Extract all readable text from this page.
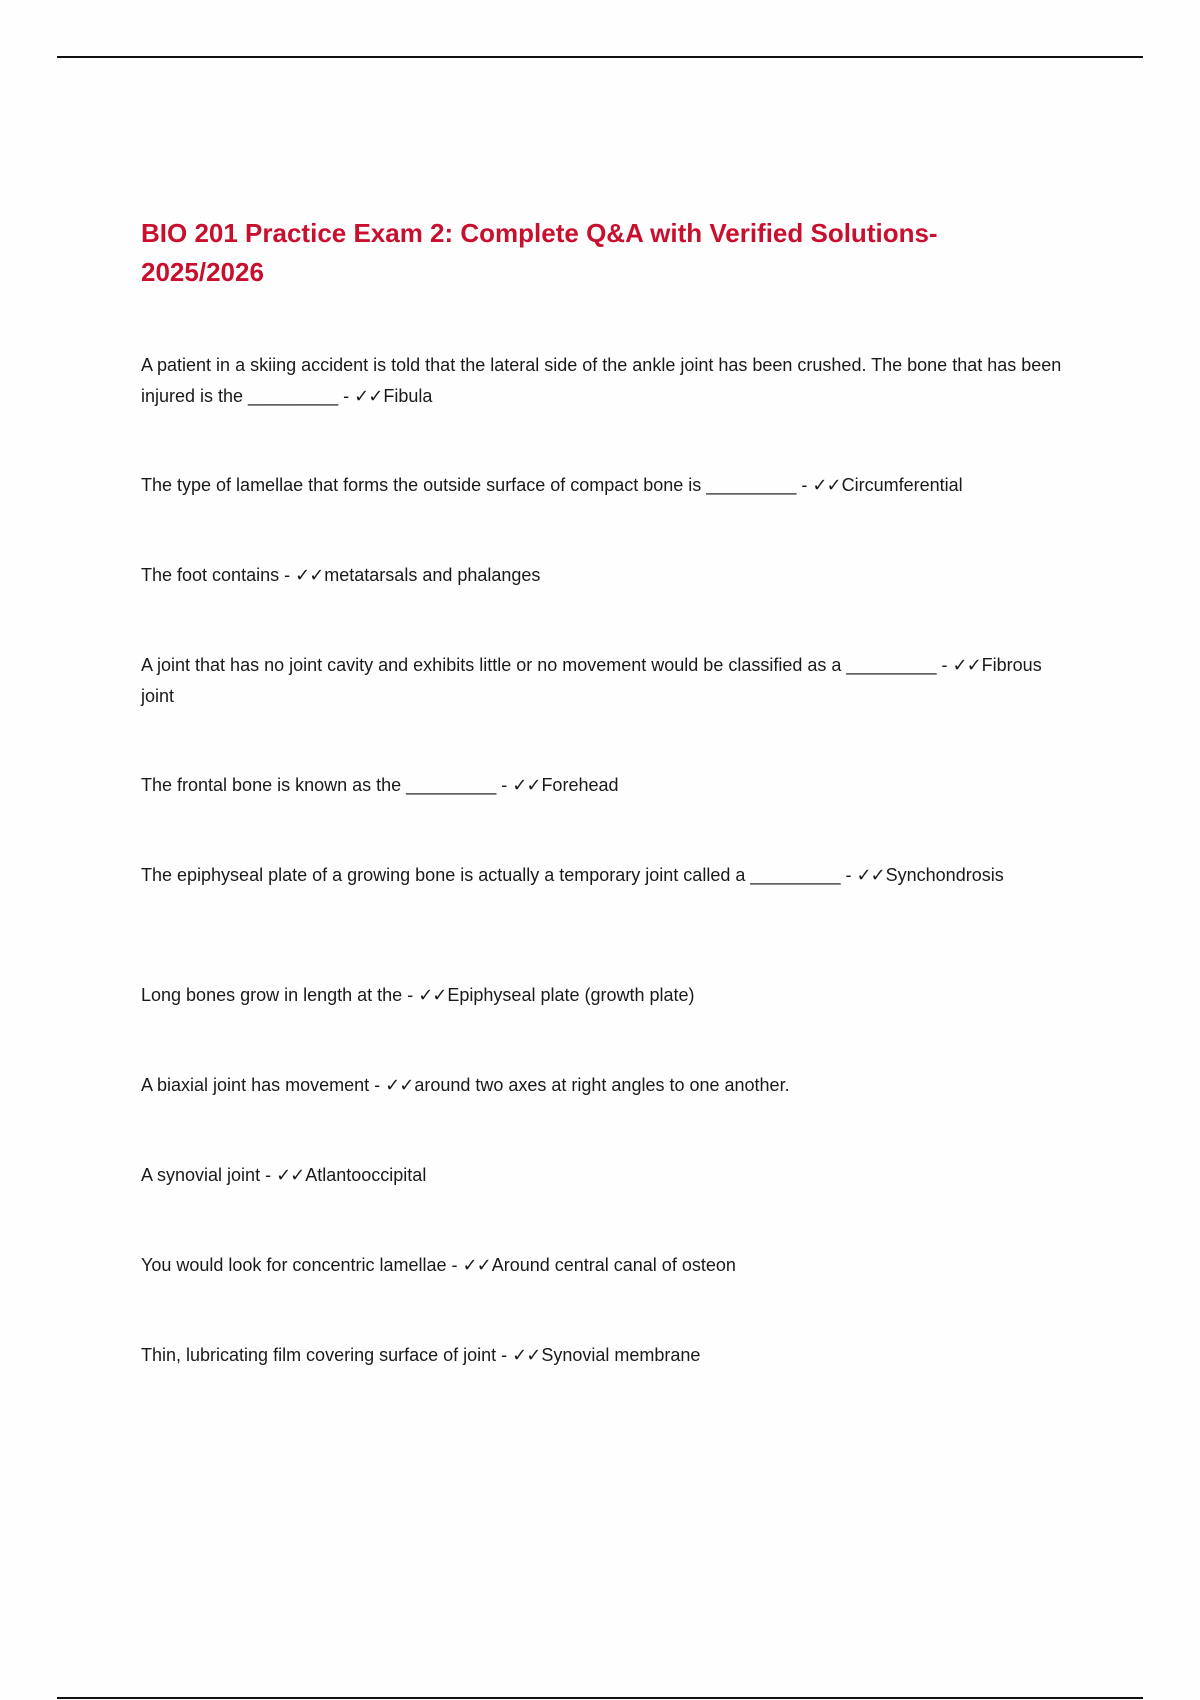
BIO 201 Practice Exam 2: Complete Q&A with Verified Solutions- 2025/2026
A patient in a skiing accident is told that the lateral side of the ankle joint has been crushed. The bone that has been injured is the _________ - ✓✓Fibula
The type of lamellae that forms the outside surface of compact bone is _________ - ✓✓Circumferential
The foot contains - ✓✓metatarsals and phalanges
A joint that has no joint cavity and exhibits little or no movement would be classified as a _________ - ✓✓Fibrous joint
The frontal bone is known as the _________ - ✓✓Forehead
The epiphyseal plate of a growing bone is actually a temporary joint called a _________ - ✓✓Synchondrosis
Long bones grow in length at the - ✓✓Epiphyseal plate (growth plate)
A biaxial joint has movement - ✓✓around two axes at right angles to one another.
A synovial joint - ✓✓Atlantooccipital
You would look for concentric lamellae - ✓✓Around central canal of osteon
Thin, lubricating film covering surface of joint - ✓✓Synovial membrane
